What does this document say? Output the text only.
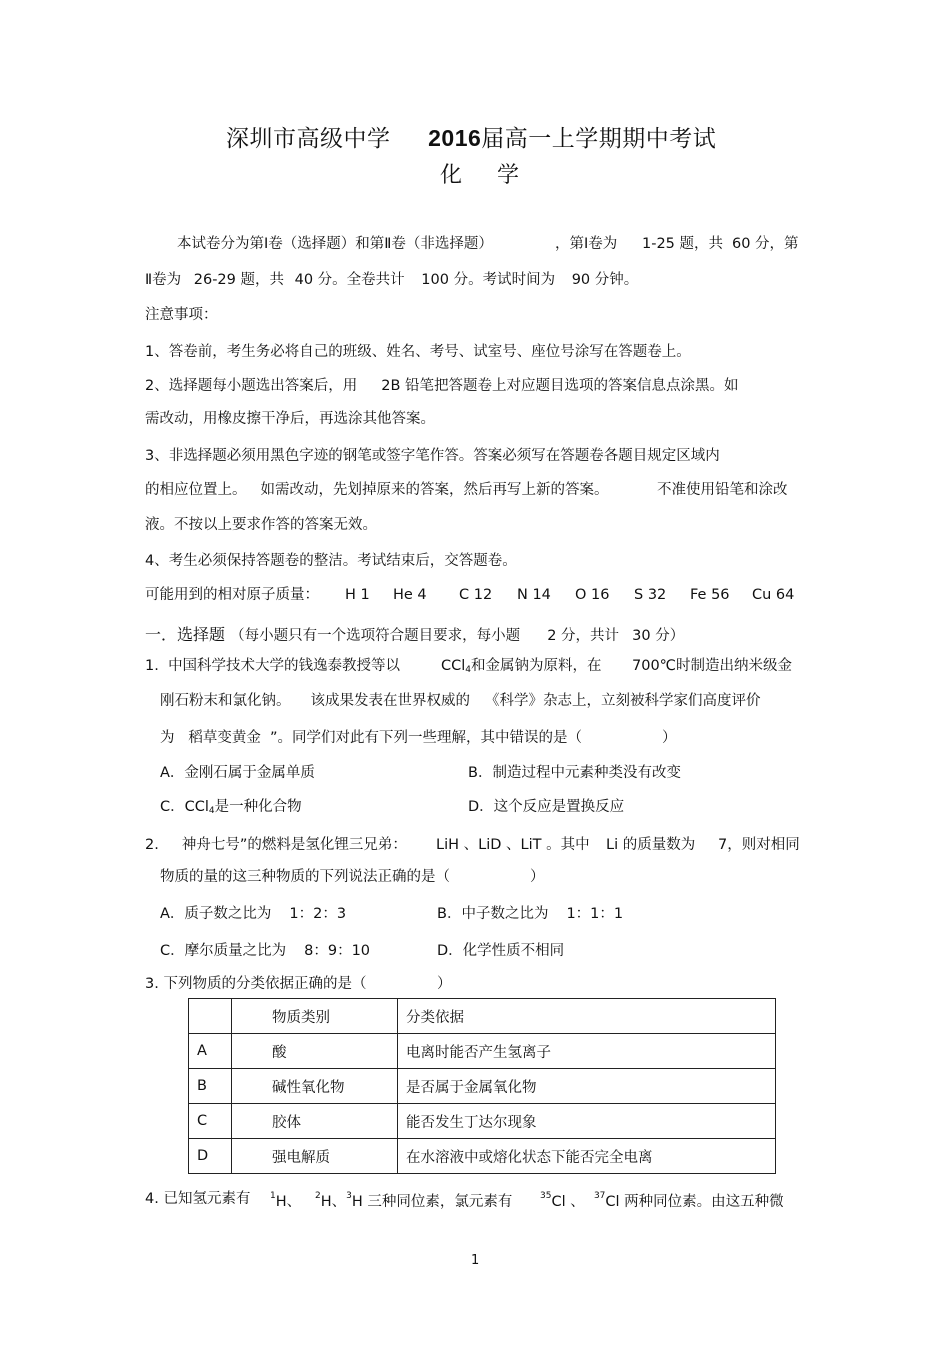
深圳市高级中学 2016届高一上学期期中考试
化 学
本试卷分为第Ⅰ卷（选择题）和第Ⅱ卷（非选择题）	，第Ⅰ卷为 1-25 题，共 60 分，第
Ⅱ卷为 26-29 题，共 40 分。全卷共计 100 分。考试时间为 90 分钟。
注意事项：
1、答卷前，考生务必将自己的班级、姓名、考号、试室号、座位号涂写在答题卷上。
2、选择题每小题选出答案后，用 2B 铅笔把答题卷上对应题目选项的答案信息点涂黑。如
需改动，用橡皮擦干净后，再选涂其他答案。
3、非选择题必须用黑色字迹的钢笔或签字笔作答。答案必须写在答题卷各题目规定区域内
的相应位置上。 如需改动，先划掉原来的答案，然后再写上新的答案。	不准使用铅笔和涂改
液。不按以上要求作答的答案无效。
4、考生必须保持答题卷的整洁。考试结束后，交答题卷。
可能用到的相对原子质量： H 1 He 4 C 12 N 14 O 16 S 32 Fe 56 Cu 64
一．选择题 （每小题只有一个选项符合题目要求，每小题 2 分，共计 30 分）
1. 中国科学技术大学的钱逸泰教授等以	CCl$_4$和金属钠为原料，在 700℃时制造出纳米级金
刚石粉末和氯化钠。 该成果发表在世界权威的 《科学》杂志上，立刻被科学家们高度评价
为 稻草变黄金 ”。同学们对此有下列一些理解，其中错误的是（	）
A．金刚石属于金属单质	B．制造过程中元素种类没有改变
C．CCl$_4$是一种化合物	D．这个反应是置换反应
2. 神舟七号”的燃料是氢化锂三兄弟： LiH 、LiD 、LiT 。其中 Li 的质量数为 7，则对相同
物质的量的这三种物质的下列说法正确的是（	）
A．质子数之比为 1：2：3	B．中子数之比为 1：1：1
C．摩尔质量之比为 8：9：10	D．化学性质不相同
3. 下列物质的分类依据正确的是（	）
	物质类别	分类依据
A	酸	电离时能否产生氢离子
B	碱性氧化物	是否属于金属氧化物
C	胶体	能否发生丁达尔现象
D	强电解质	在水溶液中或熔化状态下能否完全电离
4. 已知氢元素有 $^1$H、 $^2$H、$^3$H 三种同位素，氯元素有	$^{35}$Cl 、 $^{37}$Cl 两种同位素。由这五种微
1
